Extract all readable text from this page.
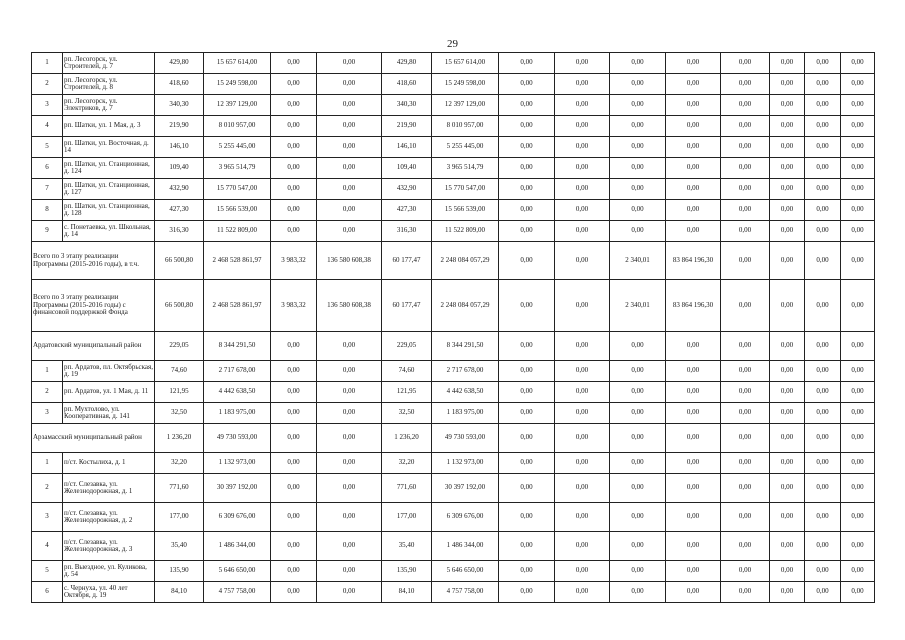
29
1	рп. Лесогорск, ул. Строителей, д. 7	429,80	15 657 614,00	0,00	0,00	429,80	15 657 614,00	0,00	0,00	0,00	0,00	0,00	0,00	0,00	0,00
2	рп. Лесогорск, ул. Строителей, д. 8	418,60	15 249 598,00	0,00	0,00	418,60	15 249 598,00	0,00	0,00	0,00	0,00	0,00	0,00	0,00	0,00
3	рп. Лесогорск, ул. Электриков, д. 7	340,30	12 397 129,00	0,00	0,00	340,30	12 397 129,00	0,00	0,00	0,00	0,00	0,00	0,00	0,00	0,00
4	рп. Шатки, ул. 1 Мая, д. 3	219,90	8 010 957,00	0,00	0,00	219,90	8 010 957,00	0,00	0,00	0,00	0,00	0,00	0,00	0,00	0,00
5	рп. Шатки, ул. Восточная, д. 14	146,10	5 255 445,00	0,00	0,00	146,10	5 255 445,00	0,00	0,00	0,00	0,00	0,00	0,00	0,00	0,00
6	рп. Шатки, ул. Станционная, д. 124	109,40	3 965 514,79	0,00	0,00	109,40	3 965 514,79	0,00	0,00	0,00	0,00	0,00	0,00	0,00	0,00
7	рп. Шатки, ул. Станционная, д. 127	432,90	15 770 547,00	0,00	0,00	432,90	15 770 547,00	0,00	0,00	0,00	0,00	0,00	0,00	0,00	0,00
8	рп. Шатки, ул. Станционная, д. 128	427,30	15 566 539,00	0,00	0,00	427,30	15 566 539,00	0,00	0,00	0,00	0,00	0,00	0,00	0,00	0,00
9	с. Понетаевка, ул. Школьная, д. 14	316,30	11 522 809,00	0,00	0,00	316,30	11 522 809,00	0,00	0,00	0,00	0,00	0,00	0,00	0,00	0,00
Всего по 3 этапу реализации Программы (2015-2016 годы), в т.ч.		66 500,80	2 468 528 861,97	3 983,32	136 580 608,38	60 177,47	2 248 084 057,29	0,00	0,00	2 340,01	83 864 196,30	0,00	0,00	0,00	0,00
Всего по 3 этапу реализации Программы (2015-2016 годы) с финансовой поддержкой Фонда		66 500,80	2 468 528 861,97	3 983,32	136 580 608,38	60 177,47	2 248 084 057,29	0,00	0,00	2 340,01	83 864 196,30	0,00	0,00	0,00	0,00
Ардатовский муниципальный район		229,05	8 344 291,50	0,00	0,00	229,05	8 344 291,50	0,00	0,00	0,00	0,00	0,00	0,00	0,00	0,00
1	рп. Ардатов, пл. Октябрьская, д. 19	74,60	2 717 678,00	0,00	0,00	74,60	2 717 678,00	0,00	0,00	0,00	0,00	0,00	0,00	0,00	0,00
2	рп. Ардатов, ул. 1 Мая, д. 11	121,95	4 442 638,50	0,00	0,00	121,95	4 442 638,50	0,00	0,00	0,00	0,00	0,00	0,00	0,00	0,00
3	рп. Мухтолово, ул. Кооперативная, д. 141	32,50	1 183 975,00	0,00	0,00	32,50	1 183 975,00	0,00	0,00	0,00	0,00	0,00	0,00	0,00	0,00
Арзамасский муниципальный район		1 236,20	49 730 593,00	0,00	0,00	1 236,20	49 730 593,00	0,00	0,00	0,00	0,00	0,00	0,00	0,00	0,00
1	п/ст. Костылиха, д. 1	32,20	1 132 973,00	0,00	0,00	32,20	1 132 973,00	0,00	0,00	0,00	0,00	0,00	0,00	0,00	0,00
2	п/ст. Слезавка, ул. Железнодорожная, д. 1	771,60	30 397 192,00	0,00	0,00	771,60	30 397 192,00	0,00	0,00	0,00	0,00	0,00	0,00	0,00	0,00
3	п/ст. Слезавка, ул. Железнодорожная, д. 2	177,00	6 309 676,00	0,00	0,00	177,00	6 309 676,00	0,00	0,00	0,00	0,00	0,00	0,00	0,00	0,00
4	п/ст. Слезавка, ул. Железнодорожная, д. 3	35,40	1 486 344,00	0,00	0,00	35,40	1 486 344,00	0,00	0,00	0,00	0,00	0,00	0,00	0,00	0,00
5	рп. Выездное, ул. Куликова, д. 54	135,90	5 646 650,00	0,00	0,00	135,90	5 646 650,00	0,00	0,00	0,00	0,00	0,00	0,00	0,00	0,00
6	с. Чернуха, ул. 40 лет Октября, д. 19	84,10	4 757 758,00	0,00	0,00	84,10	4 757 758,00	0,00	0,00	0,00	0,00	0,00	0,00	0,00	0,00
